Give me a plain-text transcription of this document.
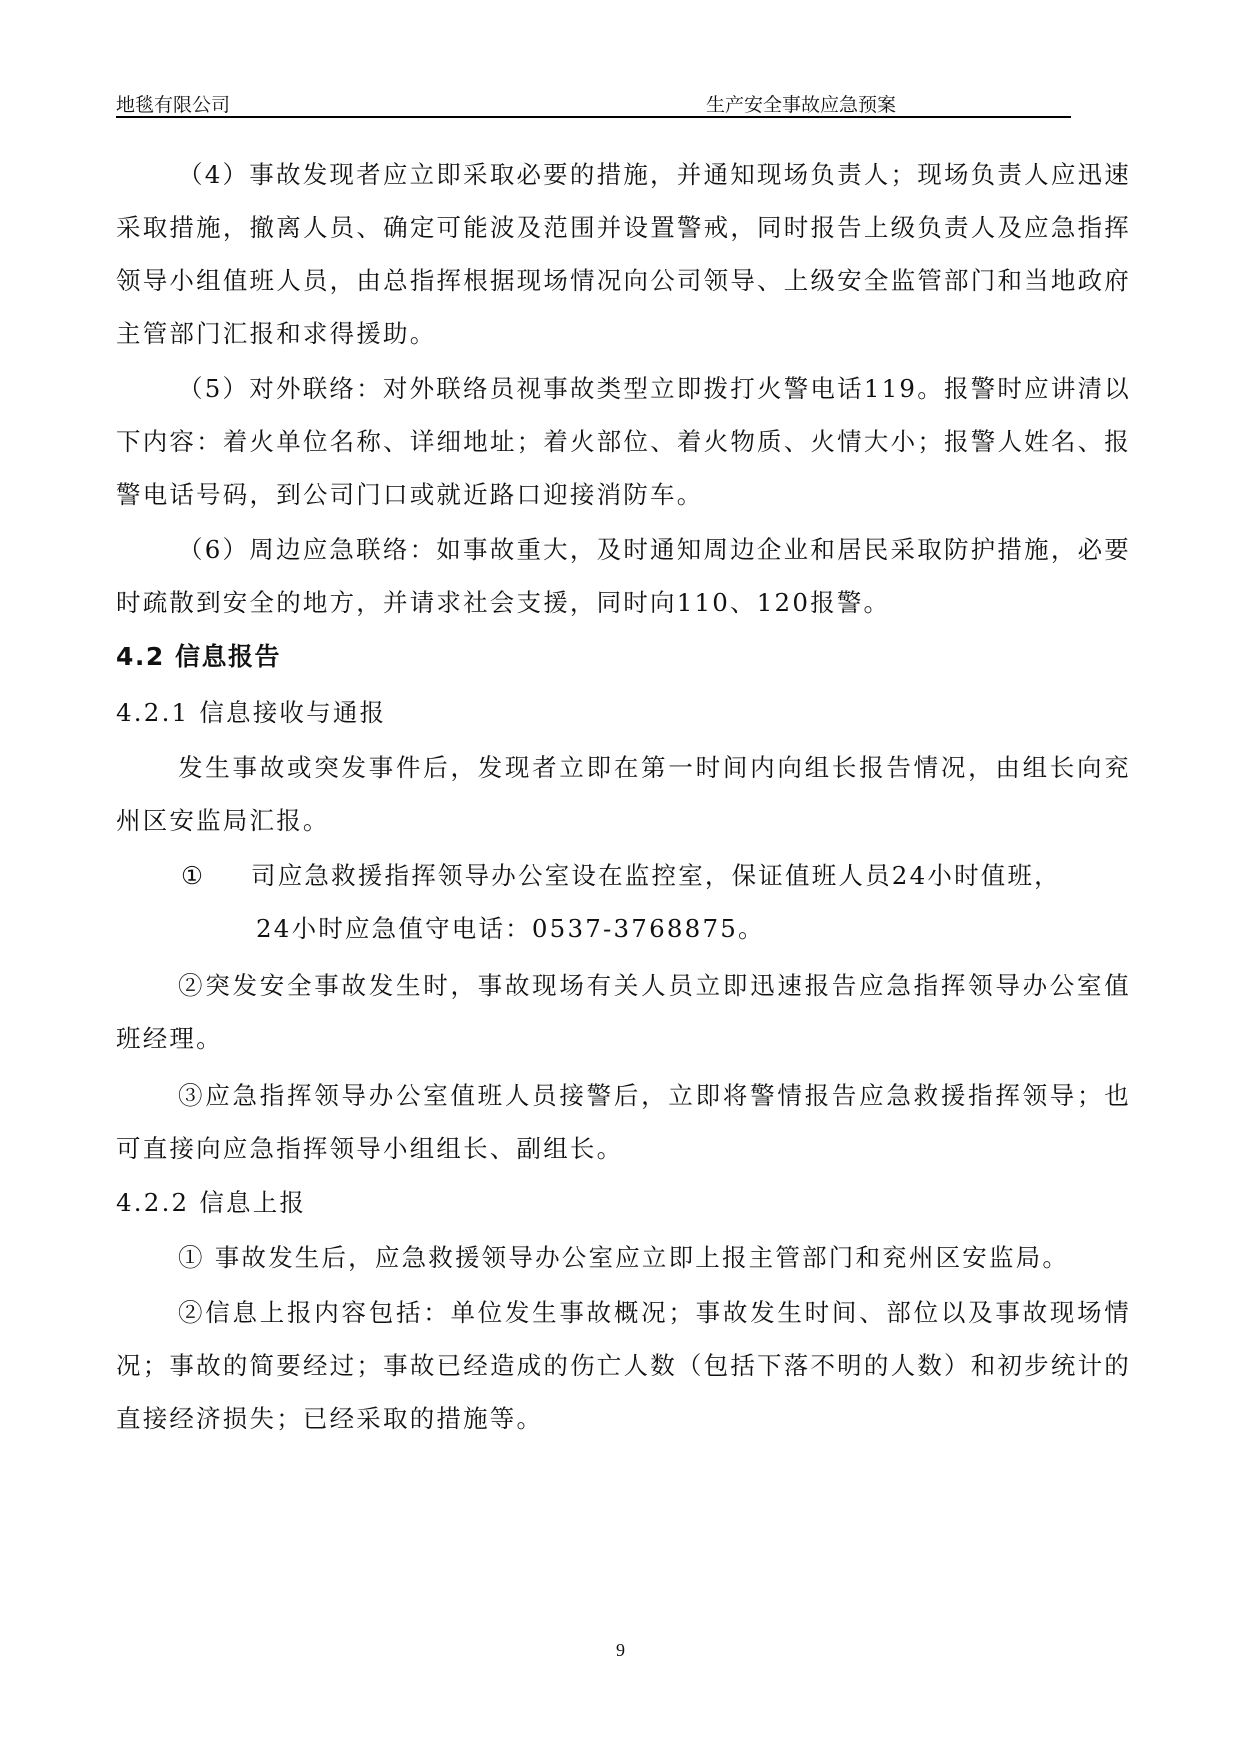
地毯有限公司	生产安全事故应急预案

（4）事故发现者应立即采取必要的措施，并通知现场负责人；现场负责人应迅速采取措施，撤离人员、确定可能波及范围并设置警戒，同时报告上级负责人及应急指挥领导小组值班人员，由总指挥根据现场情况向公司领导、上级安全监管部门和当地政府主管部门汇报和求得援助。

（5）对外联络：对外联络员视事故类型立即拨打火警电话119。报警时应讲清以下内容：着火单位名称、详细地址；着火部位、着火物质、火情大小；报警人姓名、报警电话号码，到公司门口或就近路口迎接消防车。

（6）周边应急联络：如事故重大，及时通知周边企业和居民采取防护措施，必要时疏散到安全的地方，并请求社会支援，同时向110、120报警。

4.2 信息报告

4.2.1 信息接收与通报

发生事故或突发事件后，发现者立即在第一时间内向组长报告情况，由组长向兖州区安监局汇报。

① 司应急救援指挥领导办公室设在监控室，保证值班人员24小时值班，

24小时应急值守电话：0537-3768875。

②突发安全事故发生时，事故现场有关人员立即迅速报告应急指挥领导办公室值班经理。

③应急指挥领导办公室值班人员接警后，立即将警情报告应急救援指挥领导；也可直接向应急指挥领导小组组长、副组长。

4.2.2 信息上报

① 事故发生后，应急救援领导办公室应立即上报主管部门和兖州区安监局。

②信息上报内容包括：单位发生事故概况；事故发生时间、部位以及事故现场情况；事故的简要经过；事故已经造成的伤亡人数（包括下落不明的人数）和初步统计的直接经济损失；已经采取的措施等。

9
